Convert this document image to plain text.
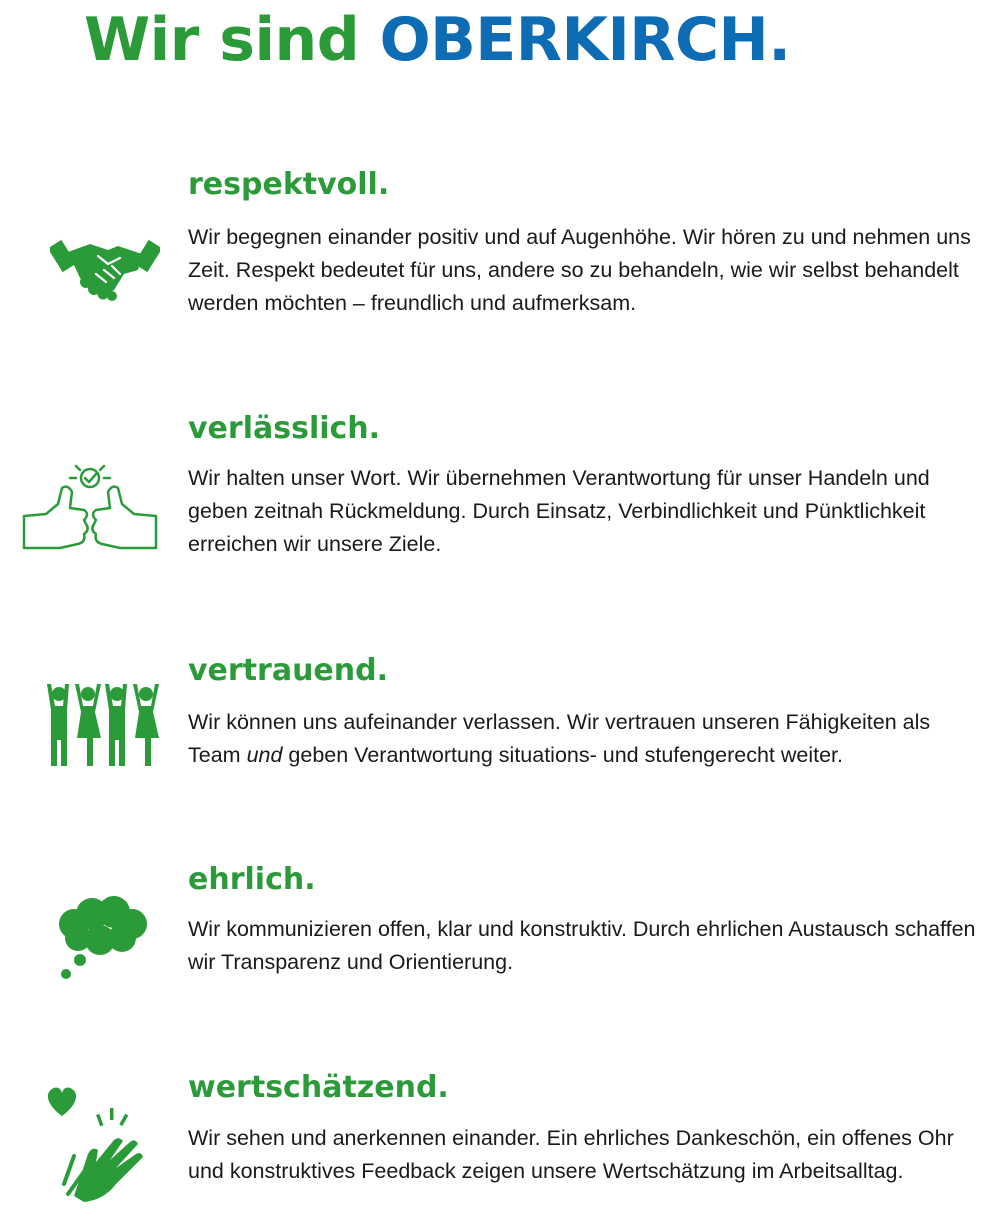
Wir sind OBERKIRCH.
respektvoll.

Wir begegnen einander positiv und auf Augenhöhe. Wir hören zu und nehmen uns Zeit. Respekt bedeutet für uns, andere so zu behandeln, wie wir selbst behandelt werden möchten – freundlich und aufmerksam.

verlässlich.

Wir halten unser Wort. Wir übernehmen Verantwortung für unser Handeln und geben zeitnah Rückmeldung. Durch Einsatz, Verbindlichkeit und Pünktlichkeit erreichen wir unsere Ziele.

vertrauend.

Wir können uns aufeinander verlassen. Wir vertrauen unseren Fähigkeiten als Team und geben Verantwortung situations- und stufengerecht weiter.

ehrlich.

Wir kommunizieren offen, klar und konstruktiv. Durch ehrlichen Austausch schaffen wir Transparenz und Orientierung.

wertschätzend.

Wir sehen und anerkennen einander. Ein ehrliches Dankeschön, ein offenes Ohr und konstruktives Feedback zeigen unsere Wertschätzung im Arbeitsalltag.
